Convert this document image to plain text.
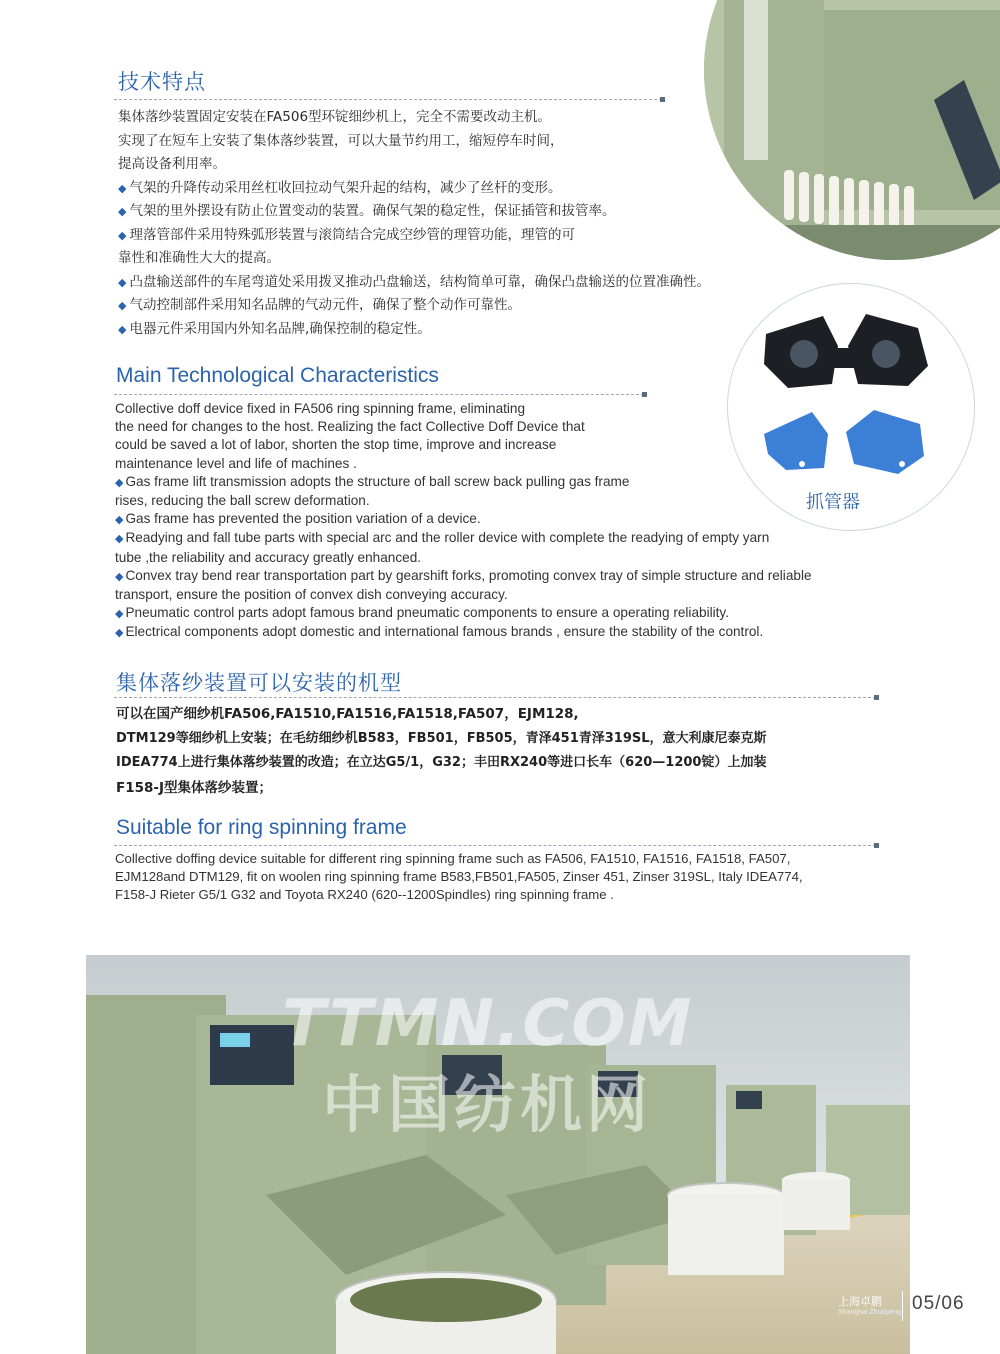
技术特点

集体落纱装置固定安装在FA506型环锭细纱机上，完全不需要改动主机。

实现了在短车上安装了集体落纱装置，可以大量节约用工，缩短停车时间，

提高设备利用率。

◆ 气架的升降传动采用丝杠收回拉动气架升起的结构，减少了丝杆的变形。

◆ 气架的里外摆设有防止位置变动的装置。确保气架的稳定性，保证插管和拔管率。

◆ 理落管部件采用特殊弧形装置与滚筒结合完成空纱管的理管功能，理管的可

靠性和准确性大大的提高。

◆ 凸盘输送部件的车尾弯道处采用拨叉推动凸盘输送，结构简单可靠，确保凸盘输送的位置准确性。

◆ 气动控制部件采用知名品牌的气动元件，确保了整个动作可靠性。

◆ 电器元件采用国内外知名品牌,确保控制的稳定性。

抓管器
Main Technological Characteristics

Collective doff device fixed in FA506 ring spinning frame, eliminating

the need for changes to the host. Realizing the fact Collective Doff Device that

could be saved a lot of labor, shorten the stop time, improve and increase

maintenance level and life of machines .

◆ Gas frame lift transmission adopts the structure of ball screw back pulling gas frame

rises, reducing the ball screw deformation.

◆ Gas frame has prevented the position variation of a device.

◆ Readying and fall tube parts with special arc and the roller device with complete the readying of empty yarn

tube ,the reliability and accuracy greatly enhanced.

◆ Convex tray bend rear transportation part by gearshift forks, promoting convex tray of simple structure and reliable

transport, ensure the position of convex dish conveying accuracy.

◆ Pneumatic control parts adopt famous brand pneumatic components to ensure a operating reliability.

◆ Electrical components adopt domestic and international famous brands , ensure the stability of the control.

集体落纱装置可以安装的机型

可以在国产细纱机FA506,FA1510,FA1516,FA1518,FA507，EJM128,

DTM129等细纱机上安装；在毛纺细纱机B583，FB501，FB505，青泽451青泽319SL，意大利康尼泰克斯

IDEA774上进行集体落纱装置的改造；在立达G5/1，G32；丰田RX240等进口长车（620—1200锭）上加装

F158-J型集体落纱装置；

Suitable for ring spinning frame

Collective doffing device suitable for different ring spinning frame such as FA506, FA1510, FA1516, FA1518, FA507,

EJM128and DTM129, fit on woolen ring spinning frame B583,FB501,FA505, Zinser 451, Zinser 319SL, Italy IDEA774,

F158-J Rieter G5/1 G32 and Toyota RX240 (620--1200Spindles) ring spinning frame .

TTMN.COM
中国纺机网
上海卓鹏
Shanghai Zhuopeng 05/06
